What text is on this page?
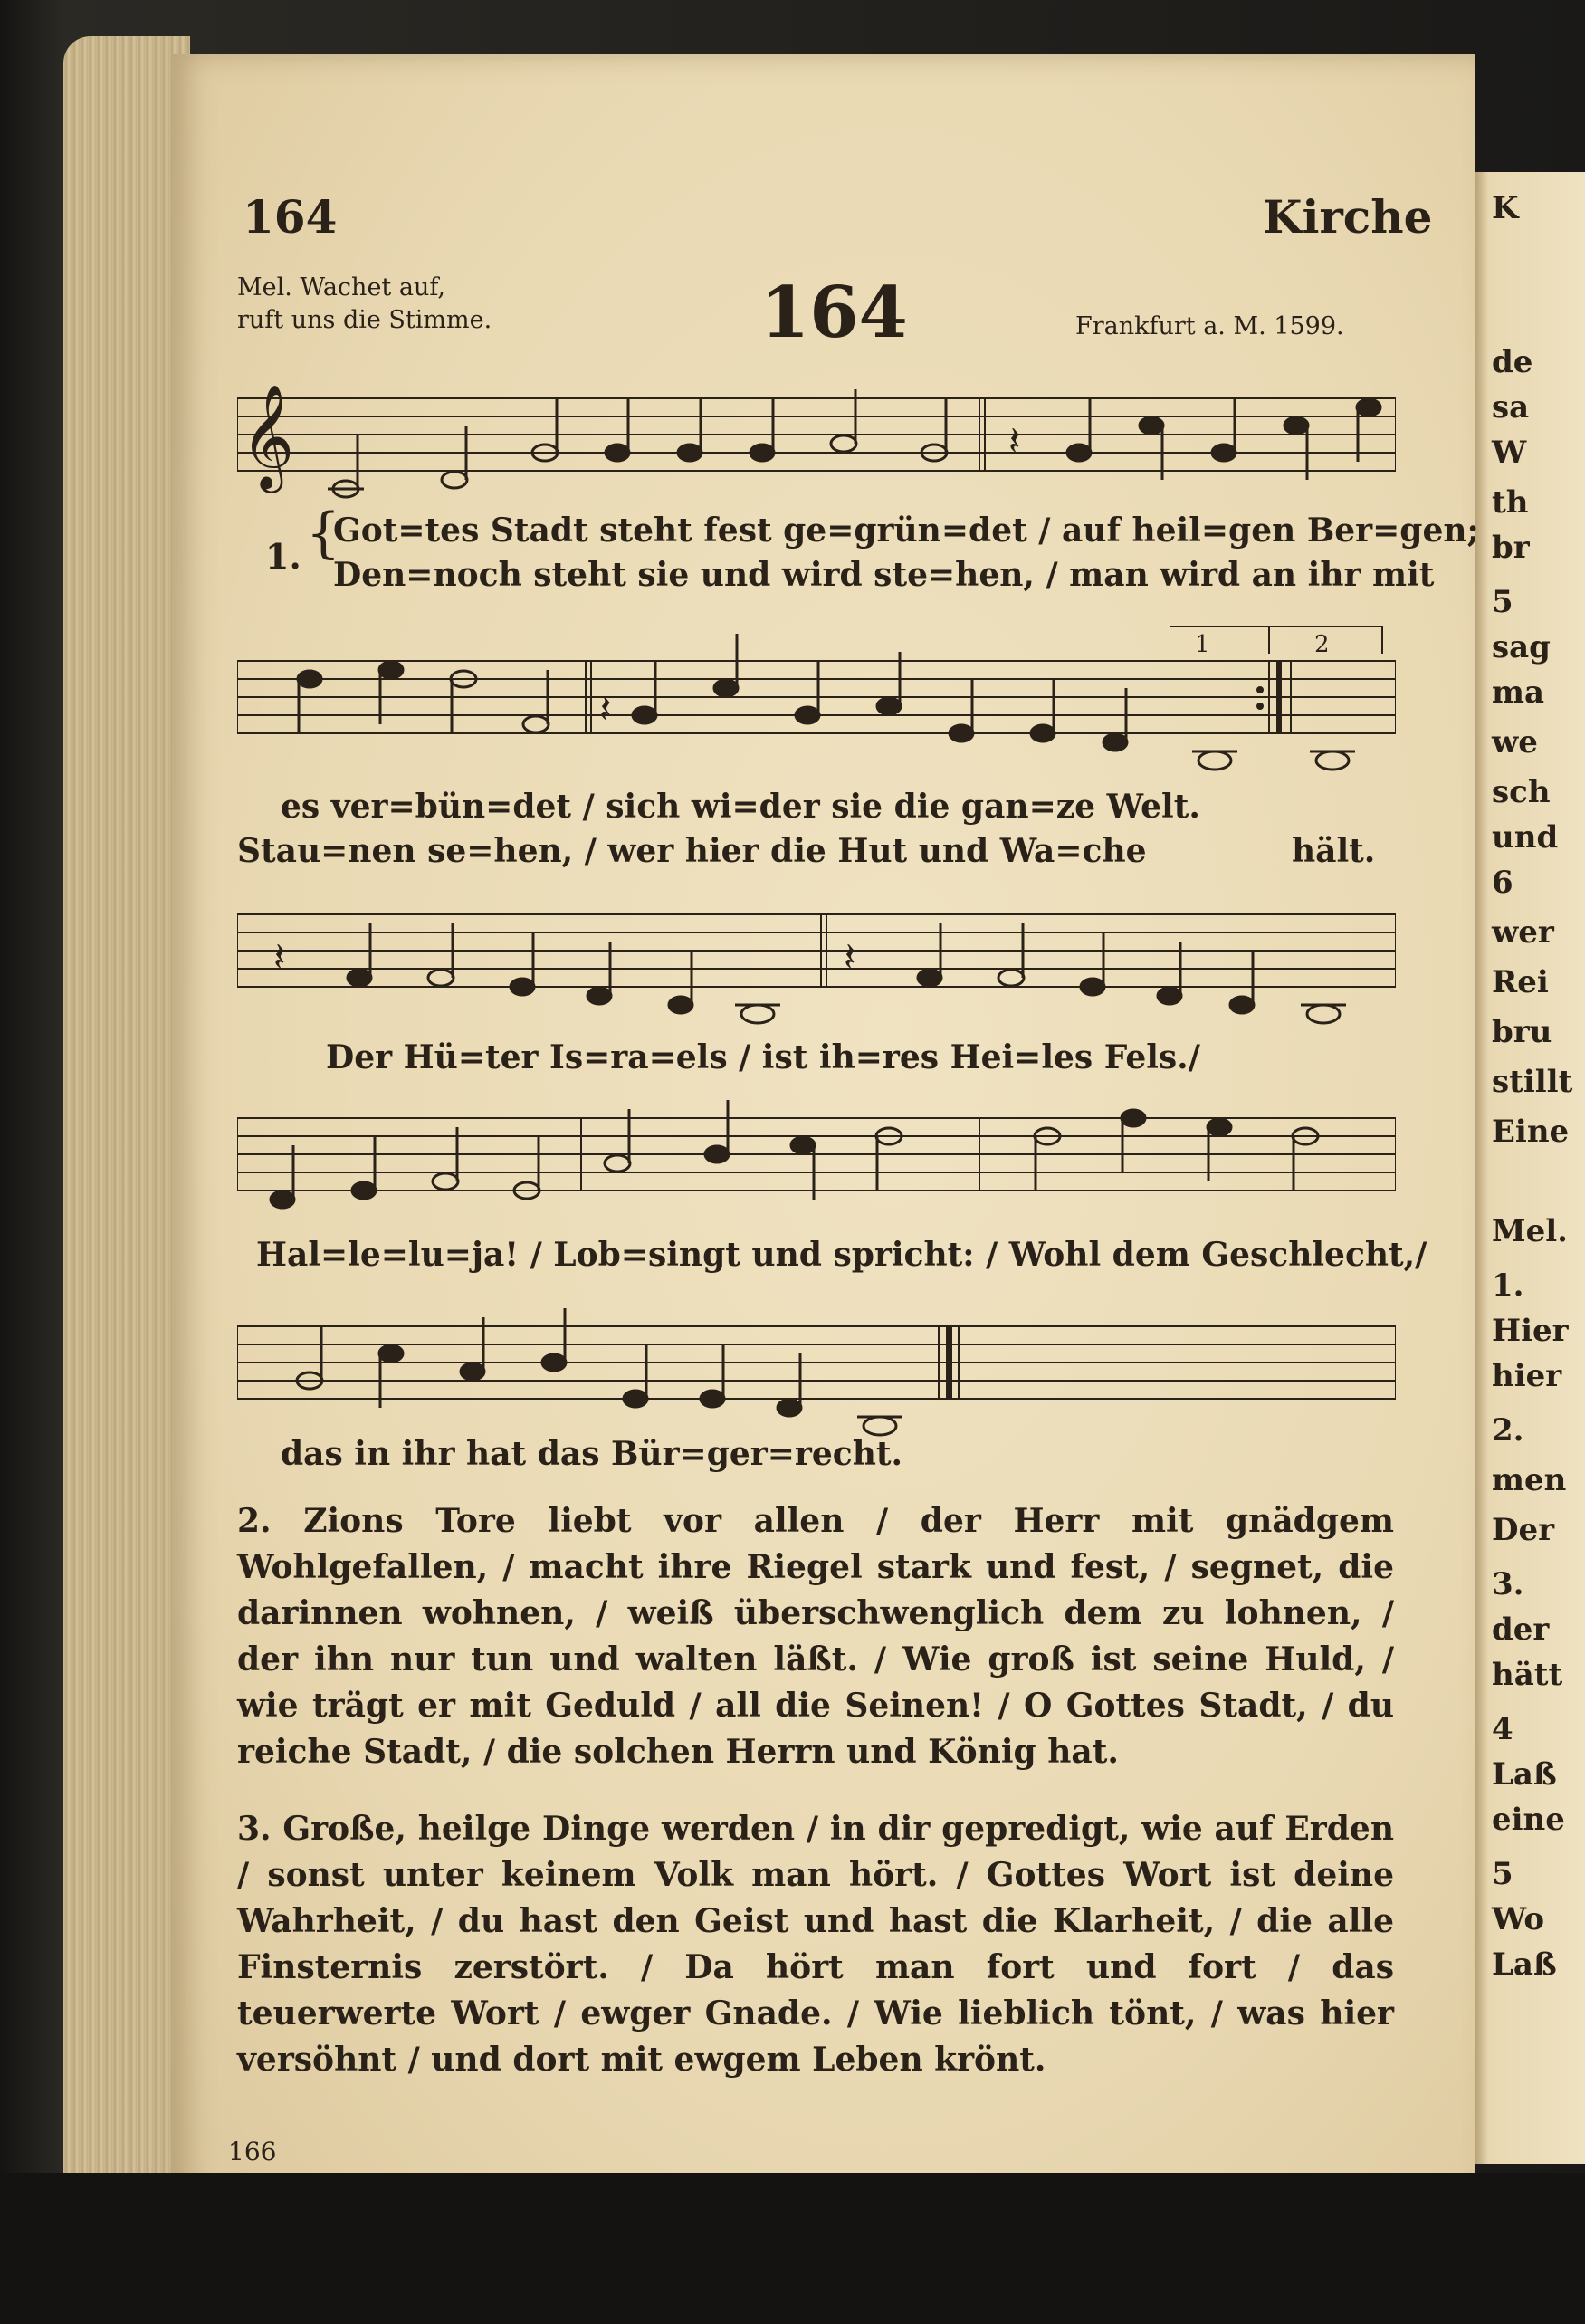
K
de
sa
W
th
br
5
sag
ma
we
sch
und
6
wer
Rei
bru
stillt
Eine
Mel.
1.
Hier
hier
2.
men
Der
3.
der
hätt
4
Laß
eine
5
Wo
Laß
164	Kirche
Mel. Wachet auf,
ruft uns die Stimme.	164	Frankfurt a. M. 1599.
𝄞	𝄽
1. {
Got=tes Stadt steht fest ge=grün=det / auf heil=gen Ber=gen;
Den=noch steht sie und wird ste=hen, / man wird an ihr mit
1	2
𝄽
es ver=bün=det / sich wi=der sie die gan=ze Welt.
Stau=nen se=hen, / wer hier die Hut und Wa=che	hält.
𝄽	𝄽
Der Hü=ter Is=ra=els / ist ih=res Hei=les Fels./
Hal=le=lu=ja! / Lob=singt und spricht: / Wohl dem Geschlecht,/
das in ihr hat das Bür=ger=recht.
2. Zions Tore liebt vor allen / der Herr mit gnädgem Wohlgefallen, / macht ihre Riegel stark und fest, / segnet, die darinnen wohnen, / weiß überschwenglich dem zu lohnen, / der ihn nur tun und walten läßt. / Wie groß ist seine Huld, / wie trägt er mit Geduld / all die Seinen! / O Gottes Stadt, / du reiche Stadt, / die solchen Herrn und König hat.
3. Große, heilge Dinge werden / in dir gepredigt, wie auf Erden / sonst unter keinem Volk man hört. / Gottes Wort ist deine Wahrheit, / du hast den Geist und hast die Klarheit, / die alle Finsternis zerstört. / Da hört man fort und fort / das teuerwerte Wort / ewger Gnade. / Wie lieblich tönt, / was hier versöhnt / und dort mit ewgem Leben krönt.
166
